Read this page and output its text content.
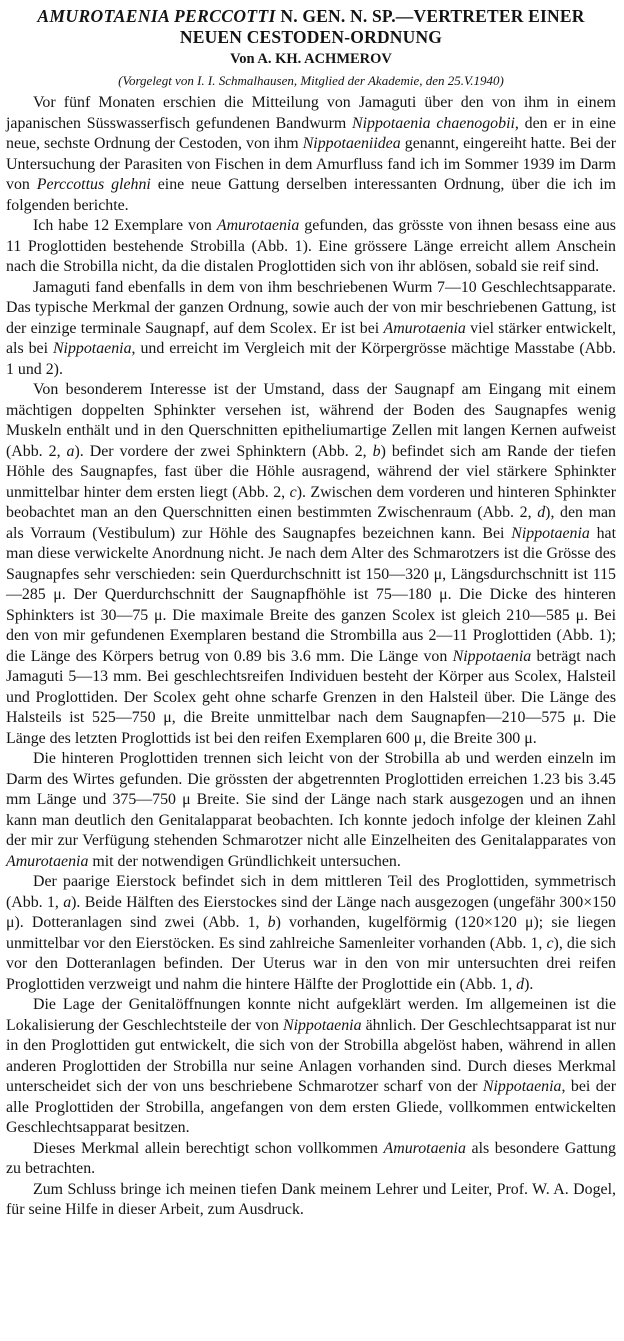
AMUROTAENIA PERCCOTTI N. GEN. N. SP.—VERTRETER EINER
NEUEN CESTODEN-ORDNUNG
Von A. KH. ACHMEROV
(Vorgelegt von I. I. Schmalhausen, Mitglied der Akademie, den 25.V.1940)

Vor fünf Monaten erschien die Mitteilung von Jamaguti über den von ihm in einem japanischen Süsswasserfisch gefundenen Bandwurm Nippotaenia chaenogobii, den er in eine neue, sechste Ordnung der Cestoden, von ihm Nippotaeniidea genannt, eingereiht hatte. Bei der Untersuchung der Parasiten von Fischen in dem Amurfluss fand ich im Sommer 1939 im Darm von Perccottus glehni eine neue Gattung derselben interessanten Ordnung, über die ich im folgenden berichte.

Ich habe 12 Exemplare von Amurotaenia gefunden, das grösste von ihnen besass eine aus 11 Proglottiden bestehende Strobilla (Abb. 1). Eine grössere Länge erreicht allem Anschein nach die Strobilla nicht, da die distalen Proglottiden sich von ihr ablösen, sobald sie reif sind.

Jamaguti fand ebenfalls in dem von ihm beschriebenen Wurm 7—10 Geschlechtsapparate. Das typische Merkmal der ganzen Ordnung, sowie auch der von mir beschriebenen Gattung, ist der einzige terminale Saugnapf, auf dem Scolex. Er ist bei Amurotaenia viel stärker entwickelt, als bei Nippotaenia, und erreicht im Vergleich mit der Körpergrösse mächtige Masstabe (Abb. 1 und 2).

Von besonderem Interesse ist der Umstand, dass der Saugnapf am Eingang mit einem mächtigen doppelten Sphinkter versehen ist, während der Boden des Saugnapfes wenig Muskeln enthält und in den Querschnitten epitheliumartige Zellen mit langen Kernen aufweist (Abb. 2, a). Der vordere der zwei Sphinktern (Abb. 2, b) befindet sich am Rande der tiefen Höhle des Saugnapfes, fast über die Höhle ausragend, während der viel stärkere Sphinkter unmittelbar hinter dem ersten liegt (Abb. 2, c). Zwischen dem vorderen und hinteren Sphinkter beobachtet man an den Querschnitten einen bestimmten Zwischenraum (Abb. 2, d), den man als Vorraum (Vestibulum) zur Höhle des Saugnapfes bezeichnen kann. Bei Nippotaenia hat man diese verwickelte Anordnung nicht. Je nach dem Alter des Schmarotzers ist die Grösse des Saugnapfes sehr verschieden: sein Querdurchschnitt ist 150—320 μ, Längsdurchschnitt ist 115—285 μ. Der Querdurchschnitt der Saugnapfhöhle ist 75—180 μ. Die Dicke des hinteren Sphinkters ist 30—75 μ. Die maximale Breite des ganzen Scolex ist gleich 210—585 μ. Bei den von mir gefundenen Exemplaren bestand die Strombilla aus 2—11 Proglottiden (Abb. 1); die Länge des Körpers betrug von 0.89 bis 3.6 mm. Die Länge von Nippotaenia beträgt nach Jamaguti 5—13 mm. Bei geschlechtsreifen Individuen besteht der Körper aus Scolex, Halsteil und Proglottiden. Der Scolex geht ohne scharfe Grenzen in den Halsteil über. Die Länge des Halsteils ist 525—750 μ, die Breite unmittelbar nach dem Saugnapfen—210—575 μ. Die Länge des letzten Proglottids ist bei den reifen Exemplaren 600 μ, die Breite 300 μ.

Die hinteren Proglottiden trennen sich leicht von der Strobilla ab und werden einzeln im Darm des Wirtes gefunden. Die grössten der abgetrennten Proglottiden erreichen 1.23 bis 3.45 mm Länge und 375—750 μ Breite. Sie sind der Länge nach stark ausgezogen und an ihnen kann man deutlich den Genitalapparat beobachten. Ich konnte jedoch infolge der kleinen Zahl der mir zur Verfügung stehenden Schmarotzer nicht alle Einzelheiten des Genitalapparates von Amurotaenia mit der notwendigen Gründlichkeit untersuchen.

Der paarige Eierstock befindet sich in dem mittleren Teil des Proglottiden, symmetrisch (Abb. 1, a). Beide Hälften des Eierstockes sind der Länge nach ausgezogen (ungefähr 300×150 μ). Dotteranlagen sind zwei (Abb. 1, b) vorhanden, kugelförmig (120×120 μ); sie liegen unmittelbar vor den Eierstöcken. Es sind zahlreiche Samenleiter vorhanden (Abb. 1, c), die sich vor den Dotteranlagen befinden. Der Uterus war in den von mir untersuchten drei reifen Proglottiden verzweigt und nahm die hintere Hälfte der Proglottide ein (Abb. 1, d).

Die Lage der Genitalöffnungen konnte nicht aufgeklärt werden. Im allgemeinen ist die Lokalisierung der Geschlechtsteile der von Nippotaenia ähnlich. Der Geschlechtsapparat ist nur in den Proglottiden gut entwickelt, die sich von der Strobilla abgelöst haben, während in allen anderen Proglottiden der Strobilla nur seine Anlagen vorhanden sind. Durch dieses Merkmal unterscheidet sich der von uns beschriebene Schmarotzer scharf von der Nippotaenia, bei der alle Proglottiden der Strobilla, angefangen von dem ersten Gliede, vollkommen entwickelten Geschlechtsapparat besitzen.

Dieses Merkmal allein berechtigt schon vollkommen Amurotaenia als besondere Gattung zu betrachten.

Zum Schluss bringe ich meinen tiefen Dank meinem Lehrer und Leiter, Prof. W. A. Dogel, für seine Hilfe in dieser Arbeit, zum Ausdruck.
